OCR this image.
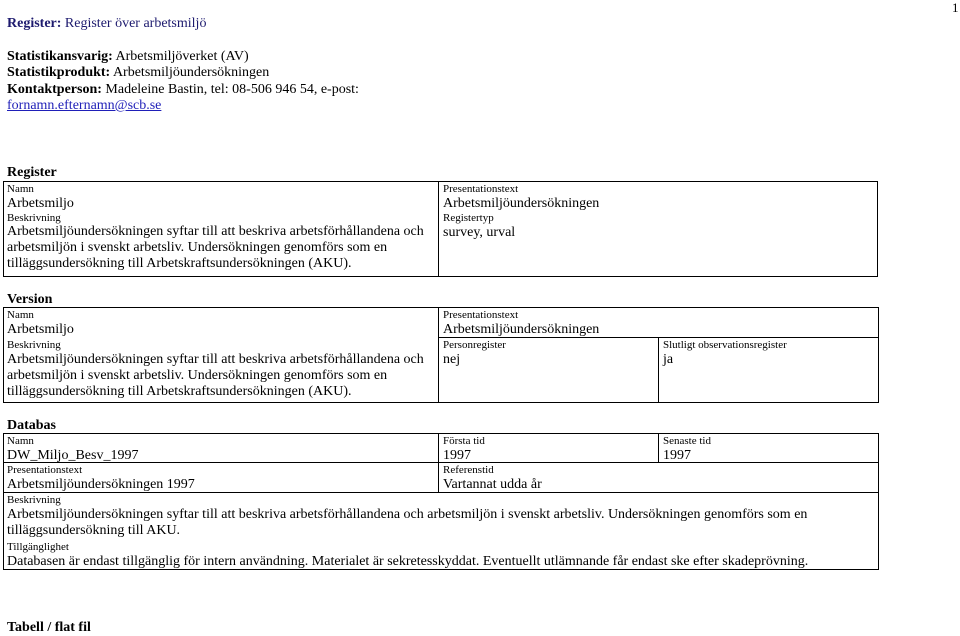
1
Register: Register över arbetsmiljö
Statistikansvarig: Arbetsmiljöverket (AV)
Statistikprodukt: Arbetsmiljöundersökningen
Kontaktperson: Madeleine Bastin, tel: 08-506 946 54, e-post:
fornamn.efternamn@scb.se
Register
Namn
Arbetsmiljo
Beskrivning
Arbetsmiljöundersökningen syftar till att beskriva arbetsförhållandena och arbetsmiljön i svenskt arbetsliv. Undersökningen genomförs som en tilläggsundersökning till Arbetskraftsundersökningen (AKU).
Presentationstext
Arbetsmiljöundersökningen
Registertyp
survey, urval
Version
Namn
Arbetsmiljo
Beskrivning
Arbetsmiljöundersökningen syftar till att beskriva arbetsförhållandena och arbetsmiljön i svenskt arbetsliv. Undersökningen genomförs som en tilläggsundersökning till Arbetskraftsundersökningen (AKU).
Presentationstext
Arbetsmiljöundersökningen
Personregister
nej
Slutligt observationsregister
ja
Databas
Namn
DW_Miljo_Besv_1997
Första tid
1997
Senaste tid
1997
Presentationstext
Arbetsmiljöundersökningen 1997
Referenstid
Vartannat udda år
Beskrivning
Arbetsmiljöundersökningen syftar till att beskriva arbetsförhållandena och arbetsmiljön i svenskt arbetsliv. Undersökningen genomförs som en tilläggsundersökning till AKU.
Tillgänglighet
Databasen är endast tillgänglig för intern användning. Materialet är sekretesskyddat. Eventuellt utlämnande får endast ske efter skadeprövning.
Tabell / flat fil
